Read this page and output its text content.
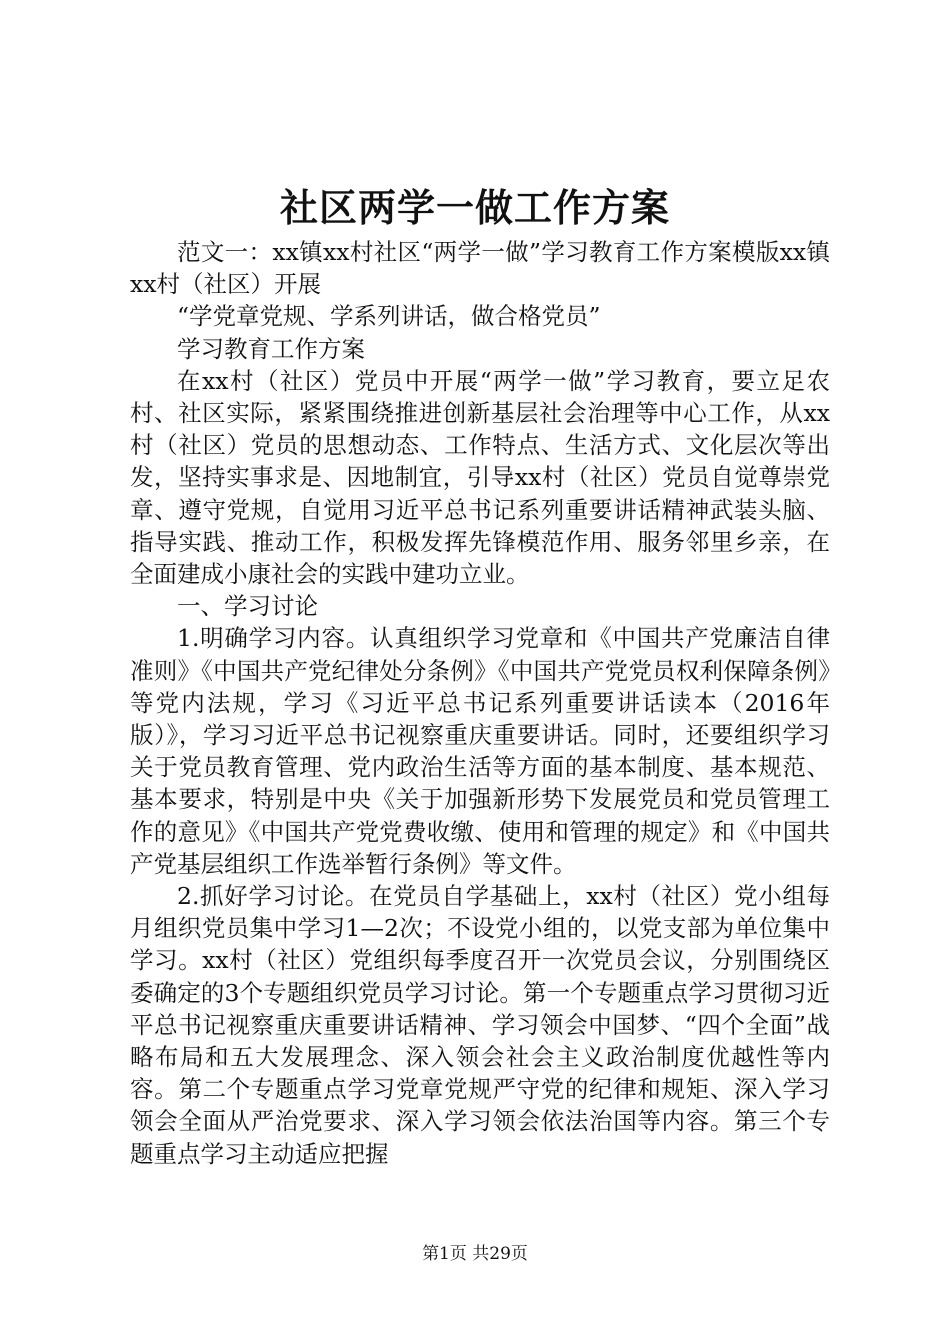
社区两学一做工作方案

范文一：xx镇xx村社区“两学一做”学习教育工作方案模版xx镇xx村（社区）开展

“学党章党规、学系列讲话，做合格党员”

学习教育工作方案

在xx村（社区）党员中开展“两学一做”学习教育，要立足农村、社区实际，紧紧围绕推进创新基层社会治理等中心工作，从xx村（社区）党员的思想动态、工作特点、生活方式、文化层次等出发，坚持实事求是、因地制宜，引导xx村（社区）党员自觉尊崇党章、遵守党规，自觉用习近平总书记系列重要讲话精神武装头脑、指导实践、推动工作，积极发挥先锋模范作用、服务邻里乡亲，在全面建成小康社会的实践中建功立业。

一、学习讨论

1.明确学习内容。认真组织学习党章和《中国共产党廉洁自律准则》《中国共产党纪律处分条例》《中国共产党党员权利保障条例》等党内法规，学习《习近平总书记系列重要讲话读本（2016年版）》，学习习近平总书记视察重庆重要讲话。同时，还要组织学习关于党员教育管理、党内政治生活等方面的基本制度、基本规范、基本要求，特别是中央《关于加强新形势下发展党员和党员管理工作的意见》《中国共产党党费收缴、使用和管理的规定》和《中国共产党基层组织工作选举暂行条例》等文件。

2.抓好学习讨论。在党员自学基础上，xx村（社区）党小组每月组织党员集中学习1—2次；不设党小组的，以党支部为单位集中学习。xx村（社区）党组织每季度召开一次党员会议，分别围绕区委确定的3个专题组织党员学习讨论。第一个专题重点学习贯彻习近平总书记视察重庆重要讲话精神、学习领会中国梦、“四个全面”战略布局和五大发展理念、深入领会社会主义政治制度优越性等内容。第二个专题重点学习党章党规严守党的纪律和规矩、深入学习领会全面从严治党要求、深入学习领会依法治国等内容。第三个专题重点学习主动适应把握

第1页 共29页
